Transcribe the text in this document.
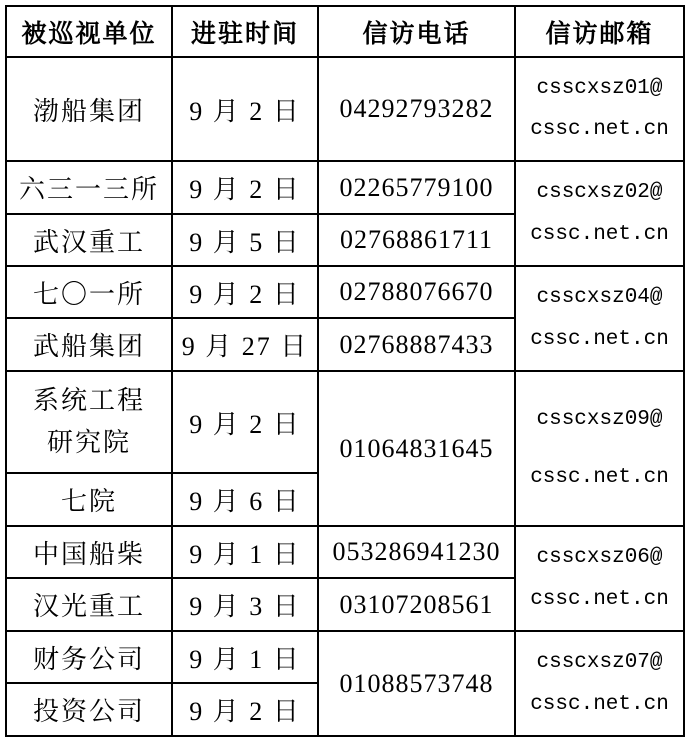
被巡视单位	进驻时间	信访电话	信访邮箱
渤船集团	9 月 2 日	04292793282	csscxsz01@
cssc.net.cn

六三一三所	9 月 2 日	02265779100	csscxsz02@
cssc.net.cn

武汉重工	9 月 5 日	02768861711	
七〇一所	9 月 2 日	02788076670	csscxsz04@
cssc.net.cn

武船集团	9 月 27 日	02768887433	

系统工程
研究院	9 月 2 日	01064831645	csscxsz09@
cssc.net.cn

七院	9 月 6 日		
中国船柴	9 月 1 日	053286941230	csscxsz06@
cssc.net.cn

汉光重工	9 月 3 日	03107208561	
财务公司	9 月 1 日	01088573748	csscxsz07@
cssc.net.cn

投资公司	9 月 2 日		
